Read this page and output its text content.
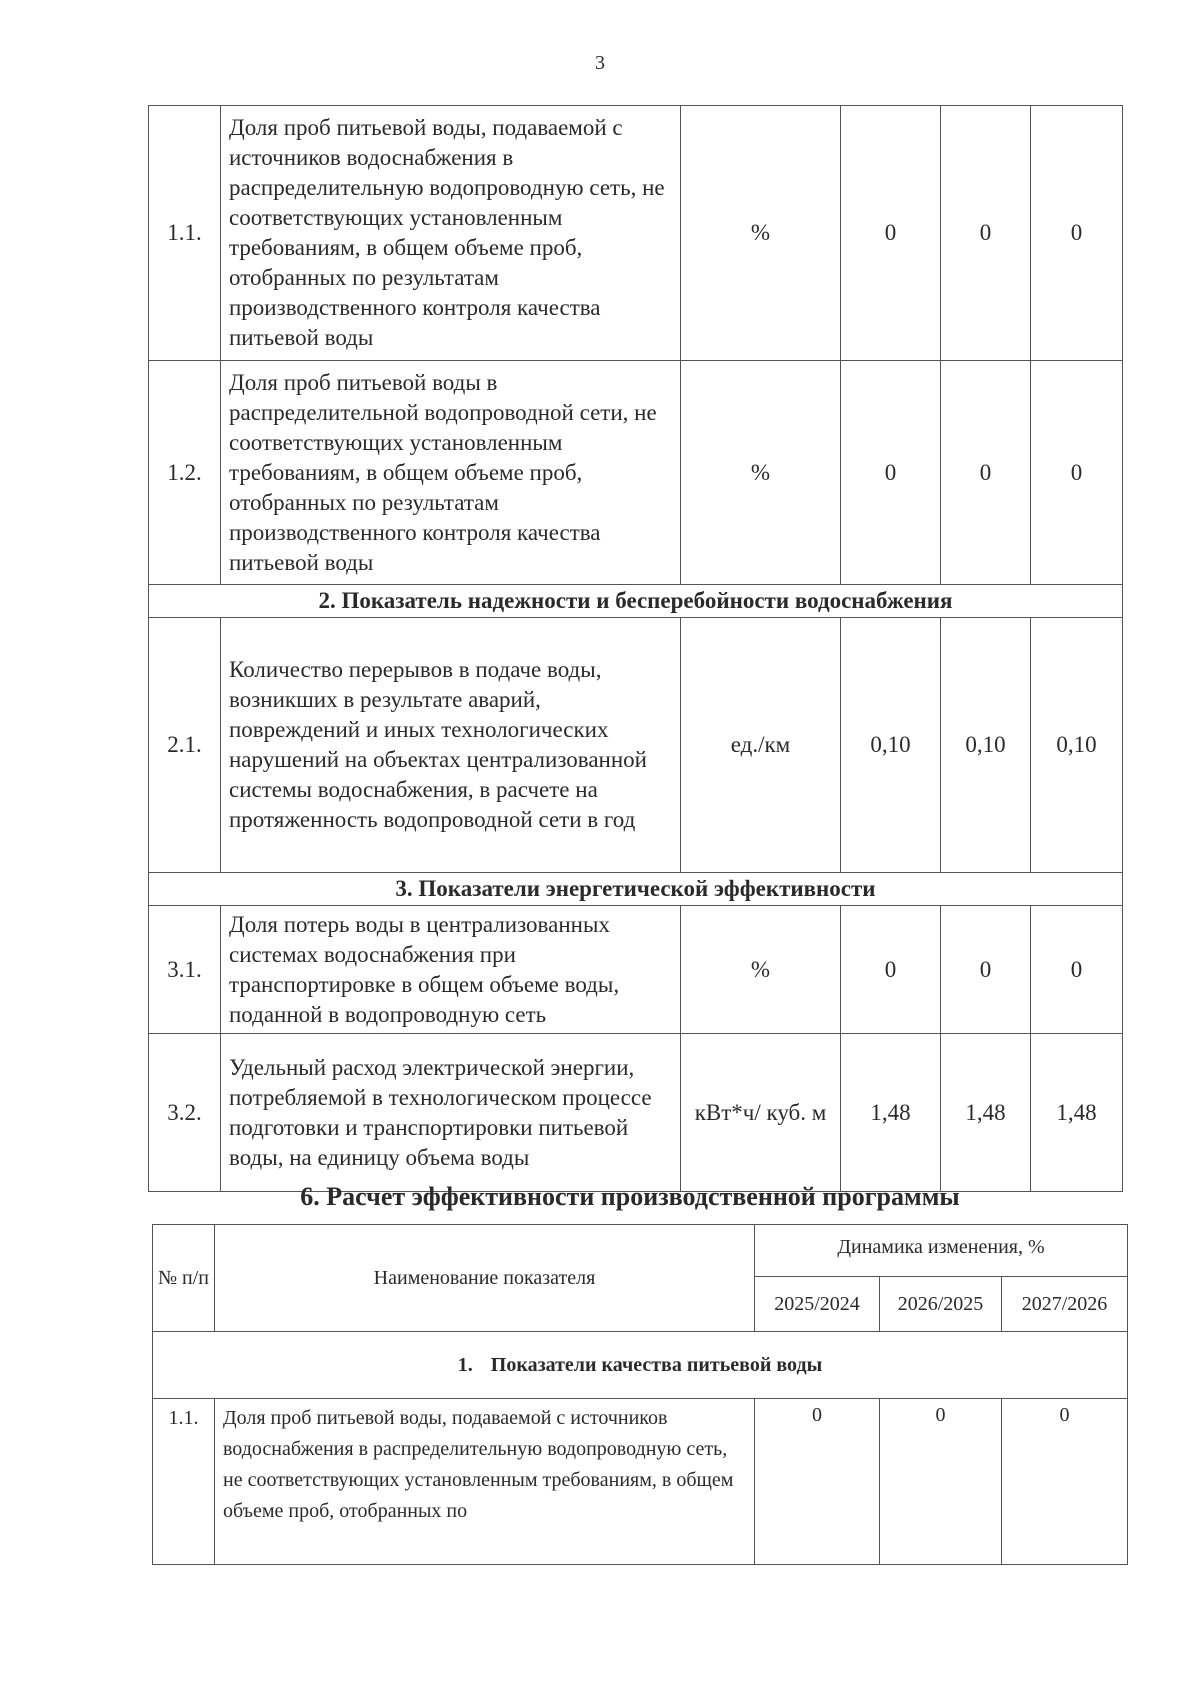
3
1.1.	Доля проб питьевой воды, подаваемой с источников водоснабжения в распределительную водопроводную сеть, не соответствующих установленным требованиям, в общем объеме проб, отобранных по результатам производственного контроля качества питьевой воды	%	0	0	0
1.2.	Доля проб питьевой воды в распределительной водопроводной сети, не соответствующих установленным требованиям, в общем объеме проб, отобранных по результатам производственного контроля качества питьевой воды	%	0	0	0
2. Показатель надежности и бесперебойности водоснабжения					
2.1.	Количество перерывов в подаче воды, возникших в результате аварий, повреждений и иных технологических нарушений на объектах централизованной системы водоснабжения, в расчете на протяженность водопроводной сети в год	ед./км	0,10	0,10	0,10
3. Показатели энергетической эффективности					
3.1.	Доля потерь воды в централизованных системах водоснабжения при транспортировке в общем объеме воды, поданной в водопроводную сеть	%	0	0	0
3.2.	Удельный расход электрической энергии, потребляемой в технологическом процессе подготовки и транспортировки питьевой воды, на единицу объема воды	кВт*ч/ куб. м	1,48	1,48	1,48
6. Расчет эффективности производственной программы
№ п/п	Наименование показателя	Динамика изменения, %		
		2025/2024	2026/2025	2027/2026
1. Показатели качества питьевой воды				
1.1.	Доля проб питьевой воды, подаваемой с источников водоснабжения в распределительную водопроводную сеть, не соответствующих установленным требованиям, в общем объеме проб, отобранных по	0	0	0
